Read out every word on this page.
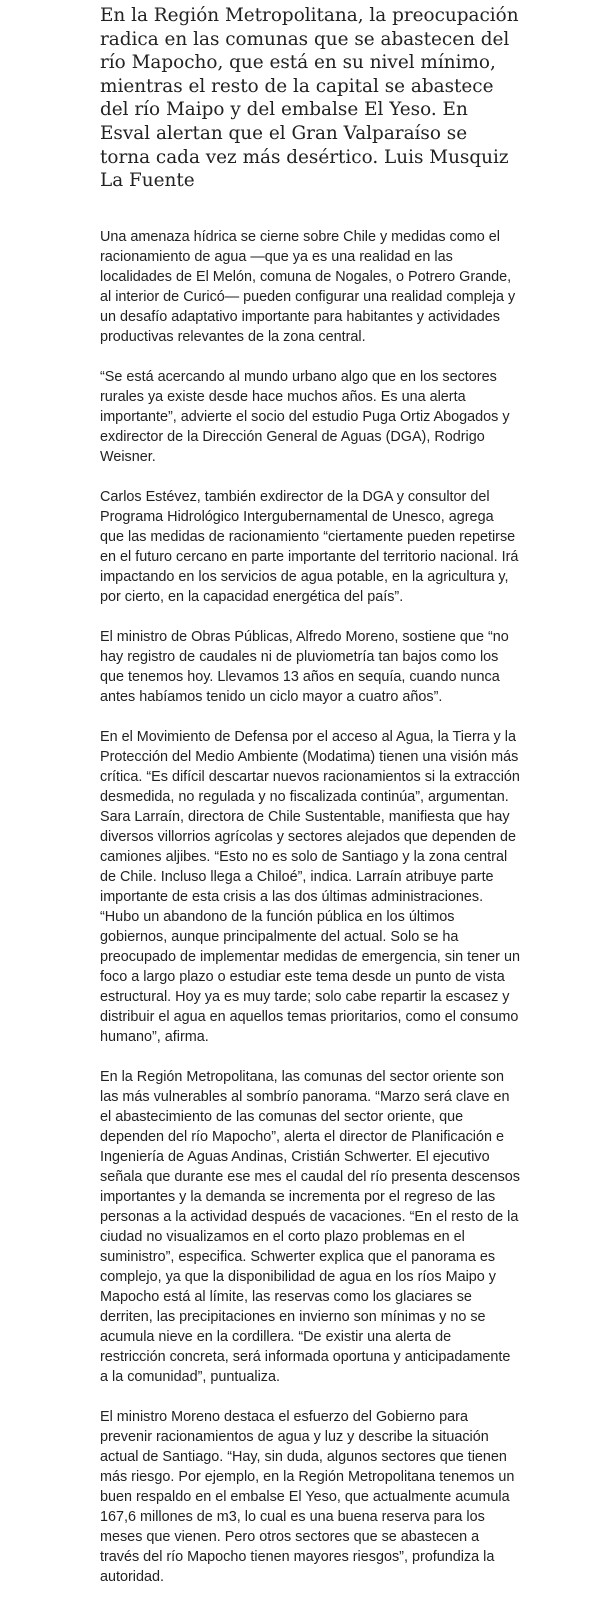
En la Región Metropolitana, la preocupación radica en las comunas que se abastecen del río Mapocho, que está en su nivel mínimo, mientras el resto de la capital se abastece del río Maipo y del embalse El Yeso. En Esval alertan que el Gran Valparaíso se torna cada vez más desértico. Luis Musquiz La Fuente

Una amenaza hídrica se cierne sobre Chile y medidas como el racionamiento de agua —que ya es una realidad en las localidades de El Melón, comuna de Nogales, o Potrero Grande, al interior de Curicó— pueden configurar una realidad compleja y un desafío adaptativo importante para habitantes y actividades productivas relevantes de la zona central.

“Se está acercando al mundo urbano algo que en los sectores rurales ya existe desde hace muchos años. Es una alerta importante”, advierte el socio del estudio Puga Ortiz Abogados y exdirector de la Dirección General de Aguas (DGA), Rodrigo Weisner.

Carlos Estévez, también exdirector de la DGA y consultor del Programa Hidrológico Intergubernamental de Unesco, agrega que las medidas de racionamiento “ciertamente pueden repetirse en el futuro cercano en parte importante del territorio nacional. Irá impactando en los servicios de agua potable, en la agricultura y, por cierto, en la capacidad energética del país”.

El ministro de Obras Públicas, Alfredo Moreno, sostiene que “no hay registro de caudales ni de pluviometría tan bajos como los que tenemos hoy. Llevamos 13 años en sequía, cuando nunca antes habíamos tenido un ciclo mayor a cuatro años”.

En el Movimiento de Defensa por el acceso al Agua, la Tierra y la Protección del Medio Ambiente (Modatima) tienen una visión más crítica. “Es difícil descartar nuevos racionamientos si la extracción desmedida, no regulada y no fiscalizada continúa”, argumentan. Sara Larraín, directora de Chile Sustentable, manifiesta que hay diversos villorrios agrícolas y sectores alejados que dependen de camiones aljibes. “Esto no es solo de Santiago y la zona central de Chile. Incluso llega a Chiloé”, indica. Larraín atribuye parte importante de esta crisis a las dos últimas administraciones. “Hubo un abandono de la función pública en los últimos gobiernos, aunque principalmente del actual. Solo se ha preocupado de implementar medidas de emergencia, sin tener un foco a largo plazo o estudiar este tema desde un punto de vista estructural. Hoy ya es muy tarde; solo cabe repartir la escasez y distribuir el agua en aquellos temas prioritarios, como el consumo humano”, afirma.

En la Región Metropolitana, las comunas del sector oriente son las más vulnerables al sombrío panorama. “Marzo será clave en el abastecimiento de las comunas del sector oriente, que dependen del río Mapocho”, alerta el director de Planificación e Ingeniería de Aguas Andinas, Cristián Schwerter. El ejecutivo señala que durante ese mes el caudal del río presenta descensos importantes y la demanda se incrementa por el regreso de las personas a la actividad después de vacaciones. “En el resto de la ciudad no visualizamos en el corto plazo problemas en el suministro”, especifica. Schwerter explica que el panorama es complejo, ya que la disponibilidad de agua en los ríos Maipo y Mapocho está al límite, las reservas como los glaciares se derriten, las precipitaciones en invierno son mínimas y no se acumula nieve en la cordillera. “De existir una alerta de restricción concreta, será informada oportuna y anticipadamente a la comunidad”, puntualiza.

El ministro Moreno destaca el esfuerzo del Gobierno para prevenir racionamientos de agua y luz y describe la situación actual de Santiago. “Hay, sin duda, algunos sectores que tienen más riesgo. Por ejemplo, en la Región Metropolitana tenemos un buen respaldo en el embalse El Yeso, que actualmente acumula 167,6 millones de m3, lo cual es una buena reserva para los meses que vienen. Pero otros sectores que se abastecen a través del río Mapocho tienen mayores riesgos”, profundiza la autoridad.
